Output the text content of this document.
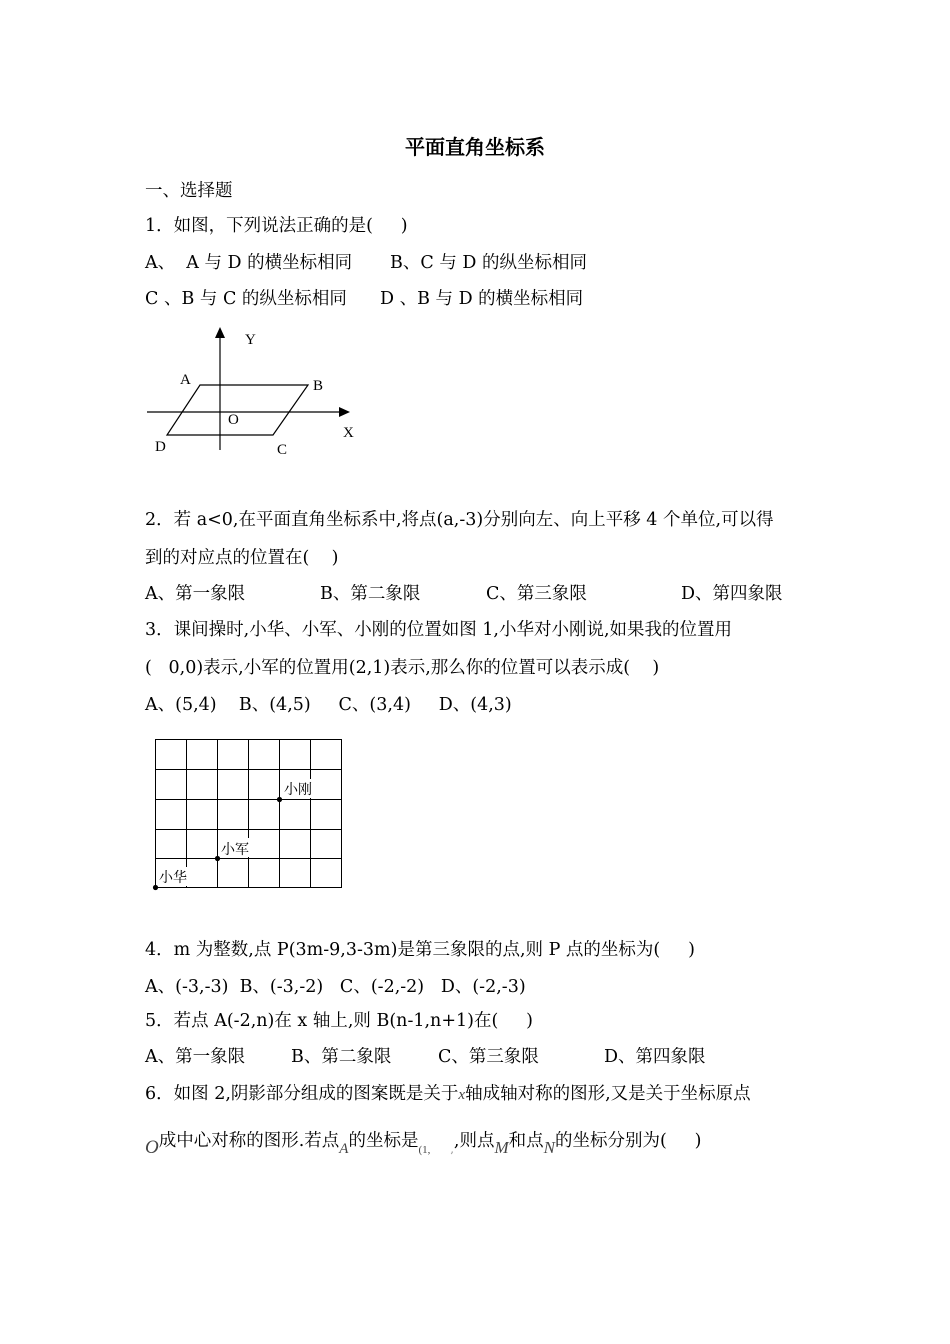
平面直角坐标系
一、选择题
1．如图，下列说法正确的是(     )
A、  A 与 D 的横坐标相同 B、C 与 D 的纵坐标相同
C 、B 与 C 的纵坐标相同 D 、B 与 D 的横坐标相同
Y
X
O
A	B
C
D
2．若 a<0,在平面直角坐标系中,将点(a,-3)分别向左、向上平移 4 个单位,可以得
到的对应点的位置在(    )
A、第一象限	B、第二象限	C、第三象限	D、第四象限
3．课间操时,小华、小军、小刚的位置如图 1,小华对小刚说,如果我的位置用
(   0,0)表示,小军的位置用(2,1)表示,那么你的位置可以表示成(    )
A、(5,4)    B、(4,5)     C、(3,4)     D、(4,3)
小华
小军
小刚
4．m 为整数,点 P(3m-9,3-3m)是第三象限的点,则 P 点的坐标为(     )
A、(-3,-3)  B、(-3,-2)   C、(-2,-2)   D、(-2,-3)
5．若点 A(-2,n)在 x 轴上,则 B(n-1,n+1)在(     )
A、第一象限	B、第二象限	C、第三象限	D、第四象限
6．如图 2,阴影部分组成的图案既是关于x轴成轴对称的图形,又是关于坐标原点
O成中心对称的图形.若点A的坐标是(1, ,,则点M和点N的坐标分别为(     )
